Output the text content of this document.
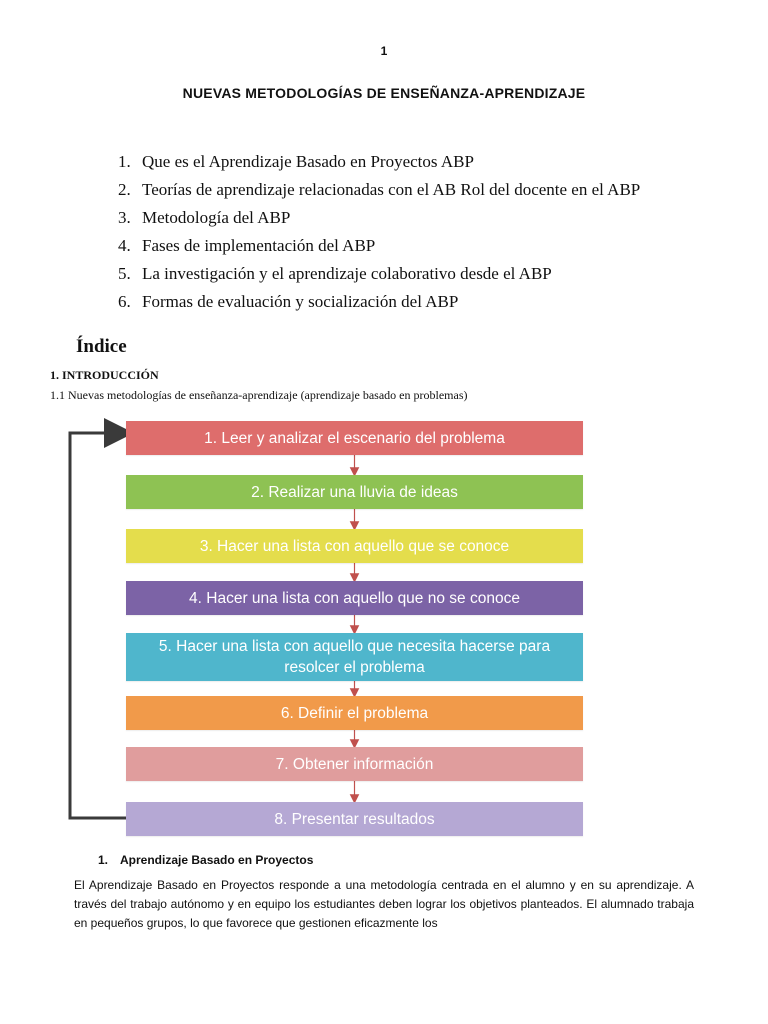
1
NUEVAS METODOLOGÍAS DE ENSEÑANZA-APRENDIZAJE
1. Que es el Aprendizaje Basado en Proyectos ABP
2. Teorías de aprendizaje relacionadas con el AB Rol del docente en el ABP
3. Metodología del ABP
4. Fases de implementación del ABP
5. La investigación y el aprendizaje colaborativo desde el ABP
6. Formas de evaluación y socialización del ABP
Índice
1. INTRODUCCIÓN
1.1 Nuevas metodologías de enseñanza-aprendizaje (aprendizaje basado en problemas)
1. Leer y analizar el escenario del problema
2. Realizar una lluvia de ideas
3. Hacer una lista con aquello que se conoce
4. Hacer una lista con aquello que no se conoce
5. Hacer una lista con aquello que necesita hacerse para resolcer el problema
6. Definir el problema
7. Obtener información
8. Presentar resultados
1. Aprendizaje Basado en Proyectos

El Aprendizaje Basado en Proyectos responde a una metodología centrada en el alumno y en su aprendizaje. A través del trabajo autónomo y en equipo los estudiantes deben lograr los objetivos planteados. El alumnado trabaja en pequeños grupos, lo que favorece que gestionen eficazmente los
